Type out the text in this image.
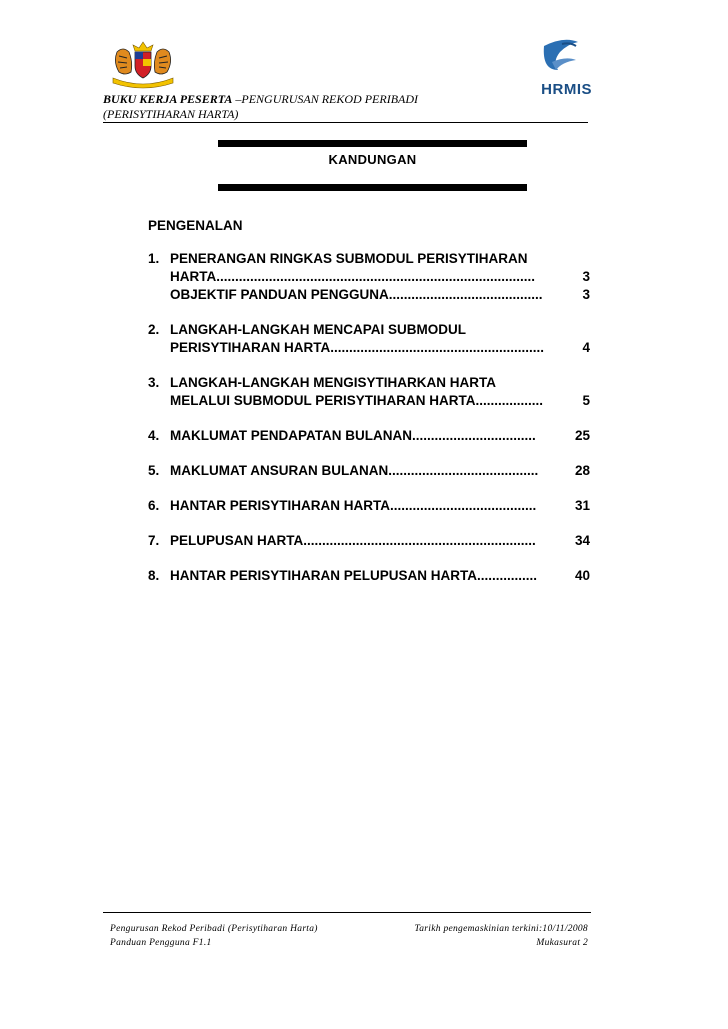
HRMIS
BUKU KERJA PESERTA –PENGURUSAN REKOD PERIBADI
(PERISYTIHARAN HARTA)
KANDUNGAN
PENGENALAN
1. PENERANGAN RINGKAS SUBMODUL PERISYTIHARAN
HARTA.....................................................................................	3
OBJEKTIF PANDUAN PENGGUNA.........................................	3
2. LANGKAH-LANGKAH MENCAPAI SUBMODUL
PERISYTIHARAN HARTA.........................................................	4
3. LANGKAH-LANGKAH MENGISYTIHARKAN HARTA
MELALUI SUBMODUL PERISYTIHARAN HARTA..................	5
4. MAKLUMAT PENDAPATAN BULANAN.................................	25
5. MAKLUMAT ANSURAN BULANAN........................................	28
6. HANTAR PERISYTIHARAN HARTA.......................................	31
7. PELUPUSAN HARTA..............................................................	34
8. HANTAR PERISYTIHARAN PELUPUSAN HARTA................	40
Pengurusan Rekod Peribadi (Perisytiharan Harta)
Panduan Pengguna F1.1
Tarikh pengemaskinian terkini:10/11/2008
Mukasurat 2
